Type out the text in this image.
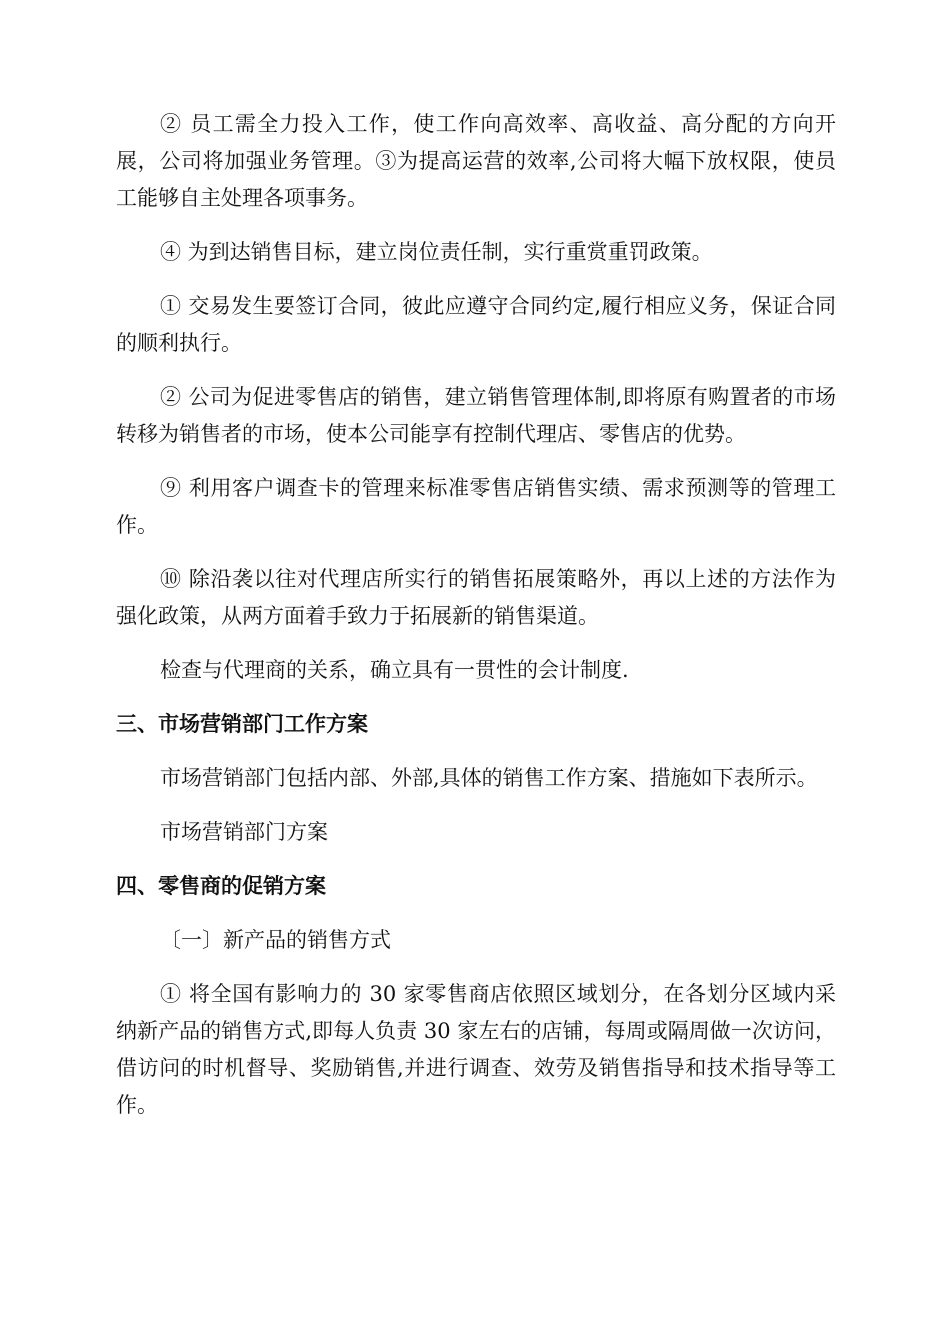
② 员工需全力投入工作，使工作向高效率、高收益、高分配的方向开展，公司将加强业务管理。③为提高运营的效率,公司将大幅下放权限，使员工能够自主处理各项事务。

④ 为到达销售目标，建立岗位责任制，实行重赏重罚政策。

① 交易发生要签订合同，彼此应遵守合同约定,履行相应义务，保证合同的顺利执行。

② 公司为促进零售店的销售，建立销售管理体制,即将原有购置者的市场转移为销售者的市场，使本公司能享有控制代理店、零售店的优势。

⑨ 利用客户调查卡的管理来标准零售店销售实绩、需求预测等的管理工作。

⑩ 除沿袭以往对代理店所实行的销售拓展策略外，再以上述的方法作为强化政策，从两方面着手致力于拓展新的销售渠道。

检查与代理商的关系，确立具有一贯性的会计制度.

三、市场营销部门工作方案

市场营销部门包括内部、外部,具体的销售工作方案、措施如下表所示。

市场营销部门方案

四、零售商的促销方案

〔一〕新产品的销售方式

① 将全国有影响力的 30 家零售商店依照区域划分，在各划分区域内采纳新产品的销售方式,即每人负责 30 家左右的店铺，每周或隔周做一次访问，借访问的时机督导、奖励销售,并进行调查、效劳及销售指导和技术指导等工作。
